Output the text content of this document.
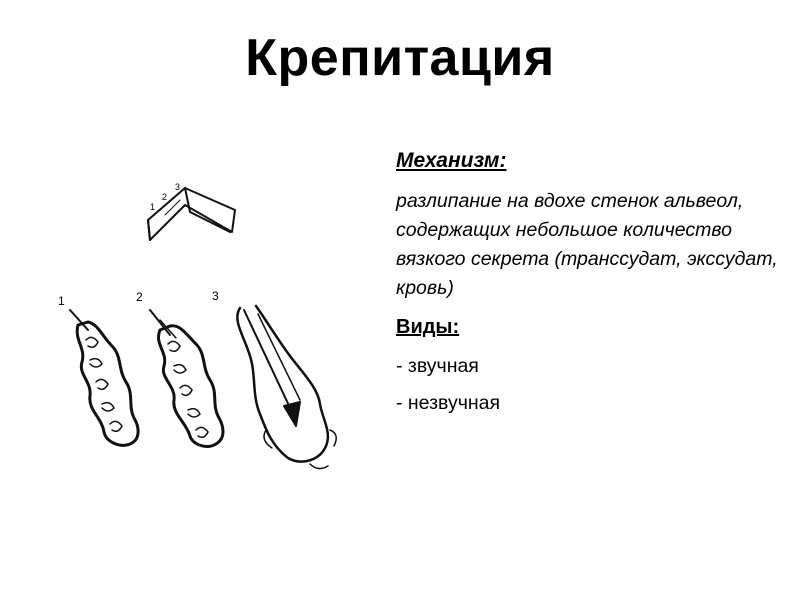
Крепитация
1	2	3
1
2
3
Механизм:

разлипание на вдохе стенок альвеол, содержащих небольшое количество вязкого секрета (транссудат, экссудат, кровь)

Виды:
- звучная
- незвучная
